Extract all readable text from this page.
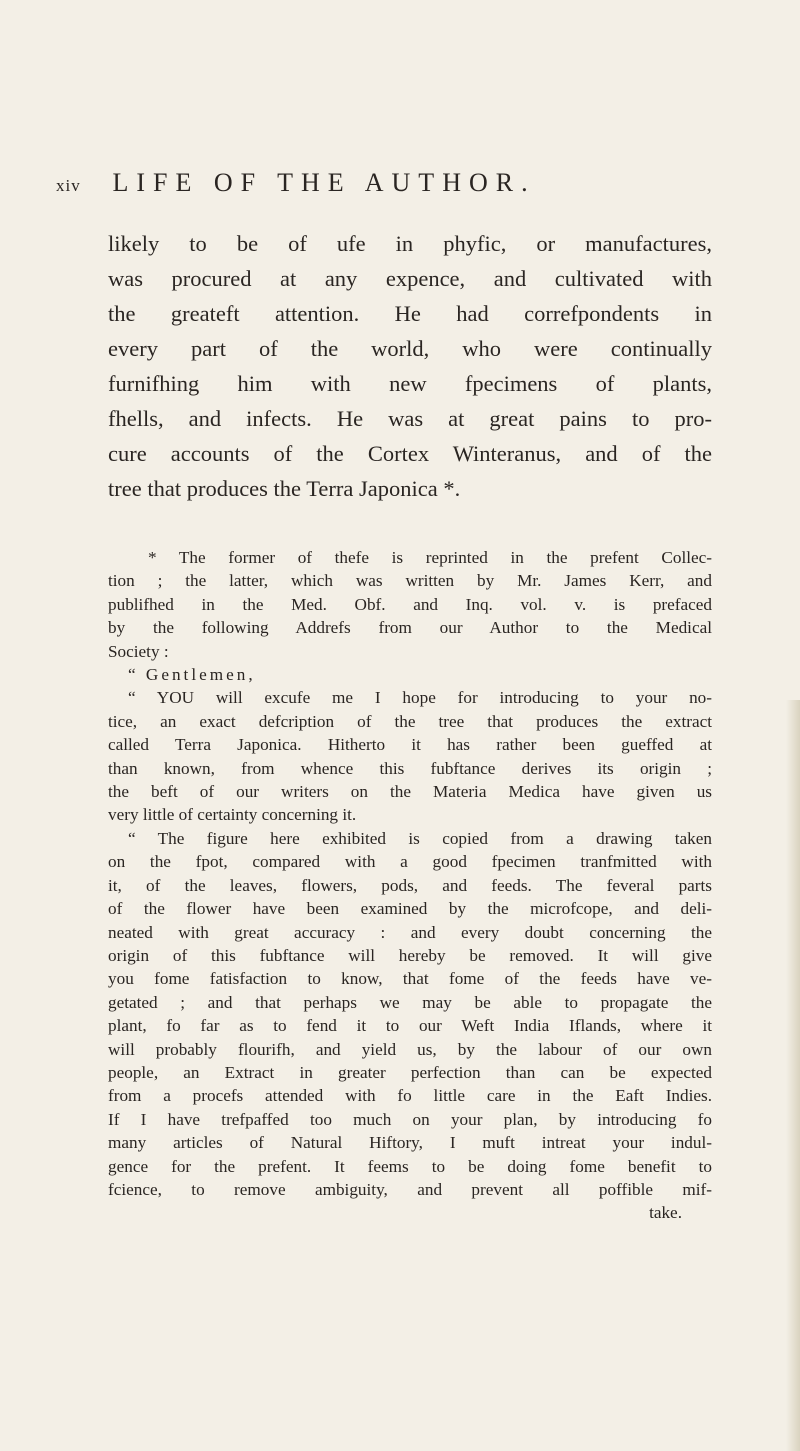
xiv LIFE OF THE AUTHOR.
likely to be of ufe in phyfic, or manufactures,
was procured at any expence, and cultivated with
the greateft attention. He had correfpondents in
every part of the world, who were continually
furnifhing him with new fpecimens of plants,
fhells, and infects. He was at great pains to pro-
cure accounts of the Cortex Winteranus, and of the
tree that produces the Terra Japonica *.
* The former of thefe is reprinted in the prefent Collec-
tion ; the latter, which was written by Mr. James Kerr, and
publifhed in the Med. Obf. and Inq. vol. v. is prefaced
by the following Addrefs from our Author to the Medical
Society :
“ Gentlemen,
“ YOU will excufe me I hope for introducing to your no-
tice, an exact defcription of the tree that produces the extract
called Terra Japonica. Hitherto it has rather been gueffed at
than known, from whence this fubftance derives its origin ;
the beft of our writers on the Materia Medica have given us
very little of certainty concerning it.
“ The figure here exhibited is copied from a drawing taken
on the fpot, compared with a good fpecimen tranfmitted with
it, of the leaves, flowers, pods, and feeds. The feveral parts
of the flower have been examined by the microfcope, and deli-
neated with great accuracy : and every doubt concerning the
origin of this fubftance will hereby be removed. It will give
you fome fatisfaction to know, that fome of the feeds have ve-
getated ; and that perhaps we may be able to propagate the
plant, fo far as to fend it to our Weft India Iflands, where it
will probably flourifh, and yield us, by the labour of our own
people, an Extract in greater perfection than can be expected
from a procefs attended with fo little care in the Eaft Indies.
If I have trefpaffed too much on your plan, by introducing fo
many articles of Natural Hiftory, I muft intreat your indul-
gence for the prefent. It feems to be doing fome benefit to
fcience, to remove ambiguity, and prevent all poffible mif-
take.
